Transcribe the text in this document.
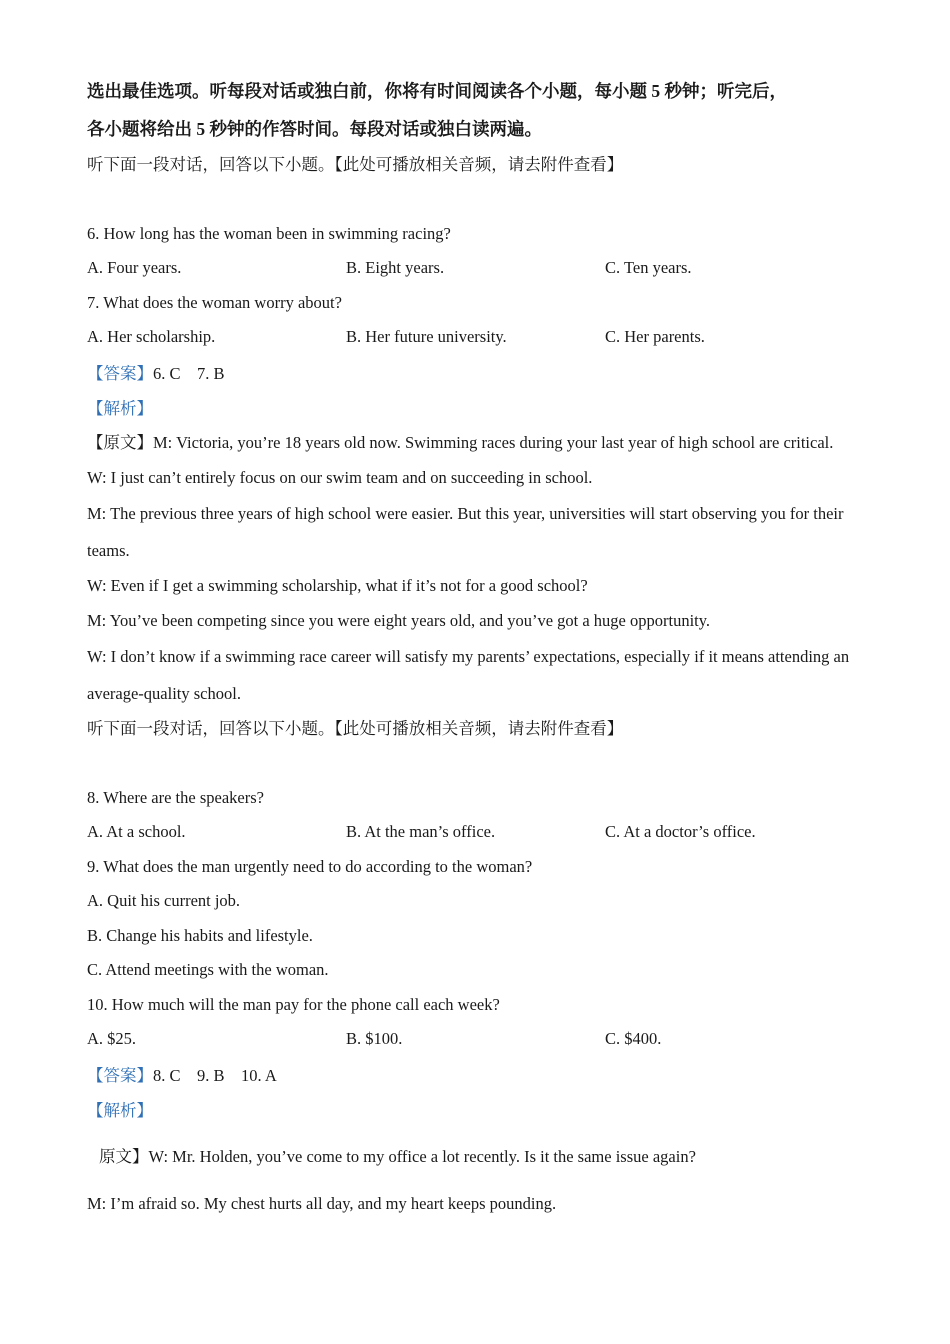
选出最佳选项。听每段对话或独白前，你将有时间阅读各个小题，每小题 5 秒钟；听完后，
各小题将给出 5 秒钟的作答时间。每段对话或独白读两遍。
听下面一段对话，回答以下小题。【此处可播放相关音频，请去附件查看】
6. How long has the woman been in swimming racing?
A. Four years.	B. Eight years.	C. Ten years.
7. What does the woman worry about?
A. Her scholarship.	B. Her future university.	C. Her parents.
【答案】6. C    7. B
【解析】
【原文】M: Victoria, you’re 18 years old now. Swimming races during your last year of high school are critical.
W: I just can’t entirely focus on our swim team and on succeeding in school.
M: The previous three years of high school were easier. But this year, universities will start observing you for their
teams.
W: Even if I get a swimming scholarship, what if it’s not for a good school?
M: You’ve been competing since you were eight years old, and you’ve got a huge opportunity.
W: I don’t know if a swimming race career will satisfy my parents’ expectations, especially if it means attending an
average-quality school.
听下面一段对话，回答以下小题。【此处可播放相关音频，请去附件查看】
8. Where are the speakers?
A. At a school.	B. At the man’s office.	C. At a doctor’s office.
9. What does the man urgently need to do according to the woman?
A. Quit his current job.
B. Change his habits and lifestyle.
C. Attend meetings with the woman.
10. How much will the man pay for the phone call each week?
A. $25.	B. $100.	C. $400.
【答案】8. C    9. B    10. A
【解析】
原文】W: Mr. Holden, you’ve come to my office a lot recently. Is it the same issue again?
M: I’m afraid so. My chest hurts all day, and my heart keeps pounding.
